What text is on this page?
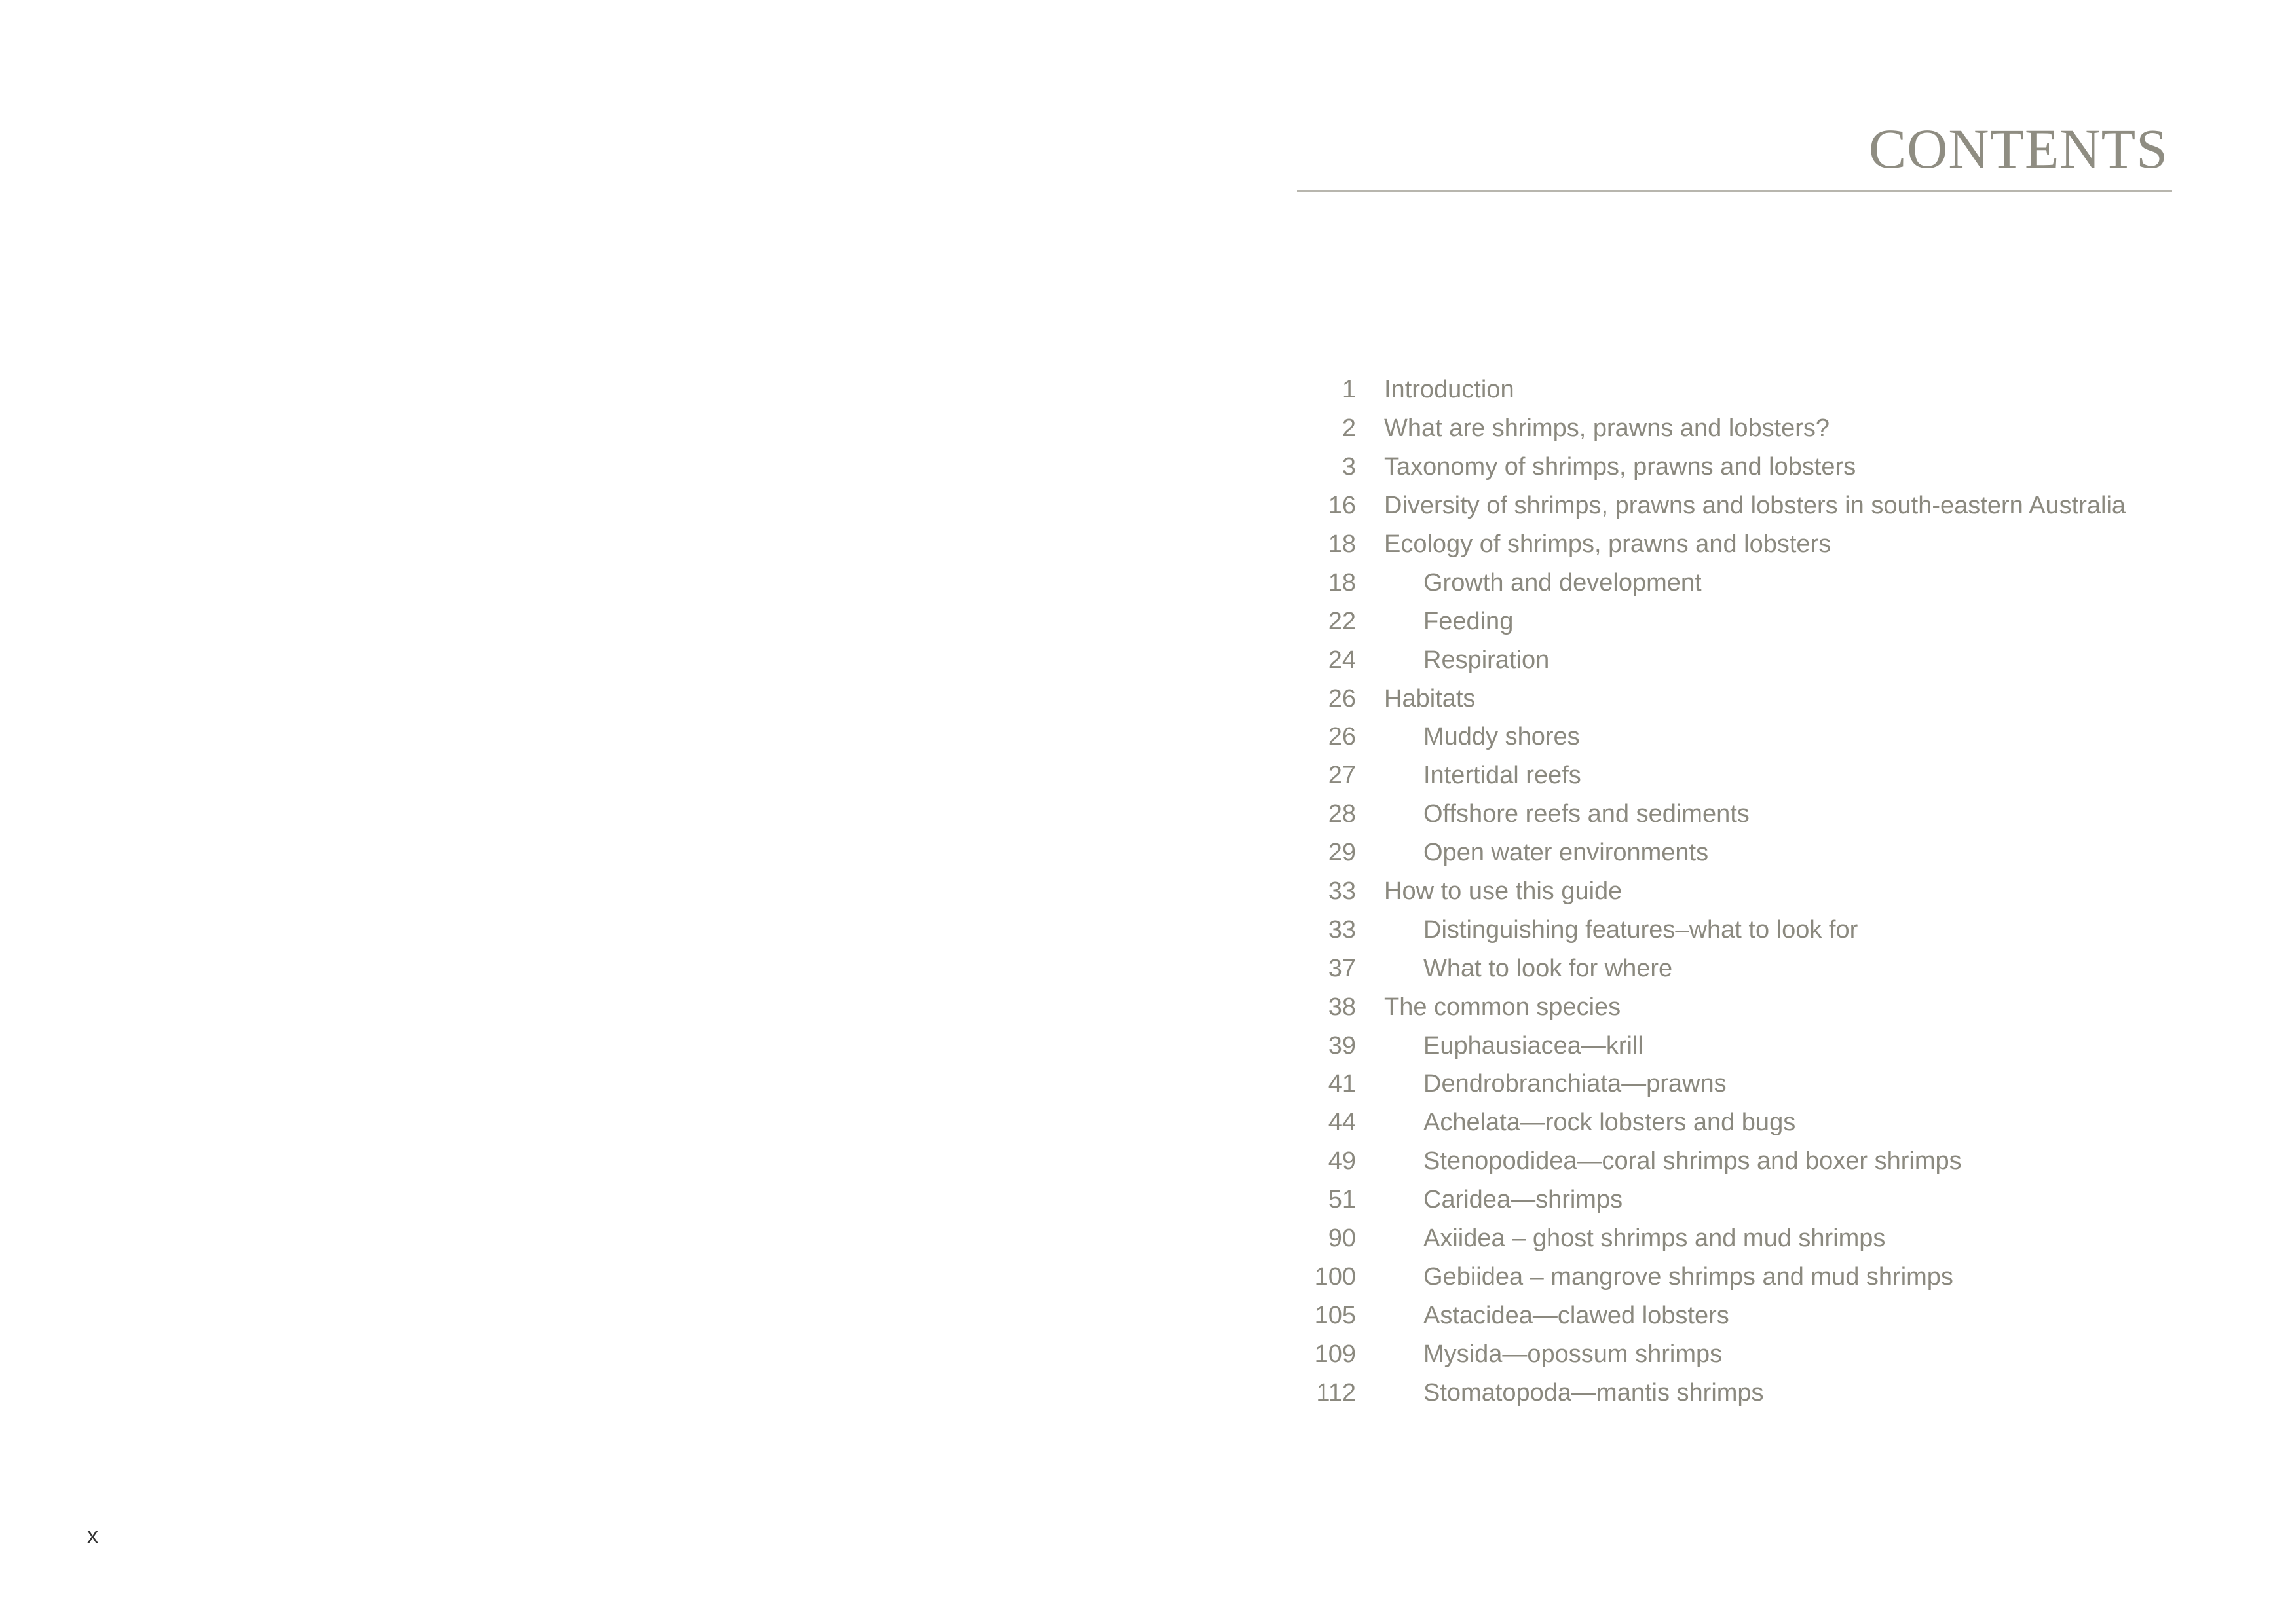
x
CONTENTS
1	Introduction
2	What are shrimps, prawns and lobsters?
3	Taxonomy of shrimps, prawns and lobsters
16	Diversity of shrimps, prawns and lobsters in south-eastern Australia
18	Ecology of shrimps, prawns and lobsters
18	Growth and development
22	Feeding
24	Respiration
26	Habitats
26	Muddy shores
27	Intertidal reefs
28	Offshore reefs and sediments
29	Open water environments
33	How to use this guide
33	Distinguishing features–what to look for
37	What to look for where
38	The common species
39	Euphausiacea—krill
41	Dendrobranchiata—prawns
44	Achelata—rock lobsters and bugs
49	Stenopodidea—coral shrimps and boxer shrimps
51	Caridea—shrimps
90	Axiidea – ghost shrimps and mud shrimps
100	Gebiidea – mangrove shrimps and mud shrimps
105	Astacidea—clawed lobsters
109	Mysida—opossum shrimps
112	Stomatopoda—mantis shrimps
